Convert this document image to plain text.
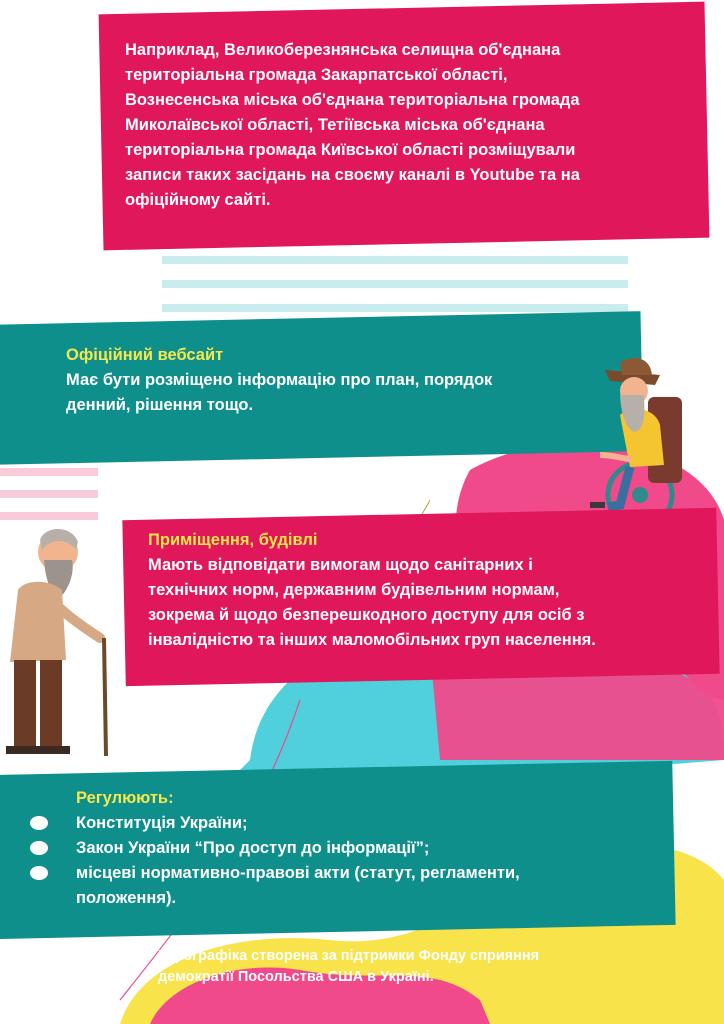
Наприклад, Великоберезнянська селищна об'єднана
територіальна громада Закарпатської області,
Вознесенська міська об'єднана територіальна громада
Миколаївської області, Тетіївська міська об'єднана
територіальна громада Київської області розміщували
записи таких засідань на своєму каналі в Youtube та на
офіційному сайті.
Офіційний вебсайт
Має бути розміщено інформацію про план, порядок
денний, рішення тощо.
Приміщення, будівлі
Мають відповідати вимогам щодо санітарних і
технічних норм, державним будівельним нормам,
зокрема й щодо безперешкодного доступу для осіб з
інвалідністю та інших маломобільних груп населення.
Регулюють:
Конституція України;
Закон України “Про доступ до інформації”;
місцеві нормативно-правові акти (статут, регламенти,
положення).
Інфографіка створена за підтримки Фонду сприяння
демократії Посольства США в Україні.
